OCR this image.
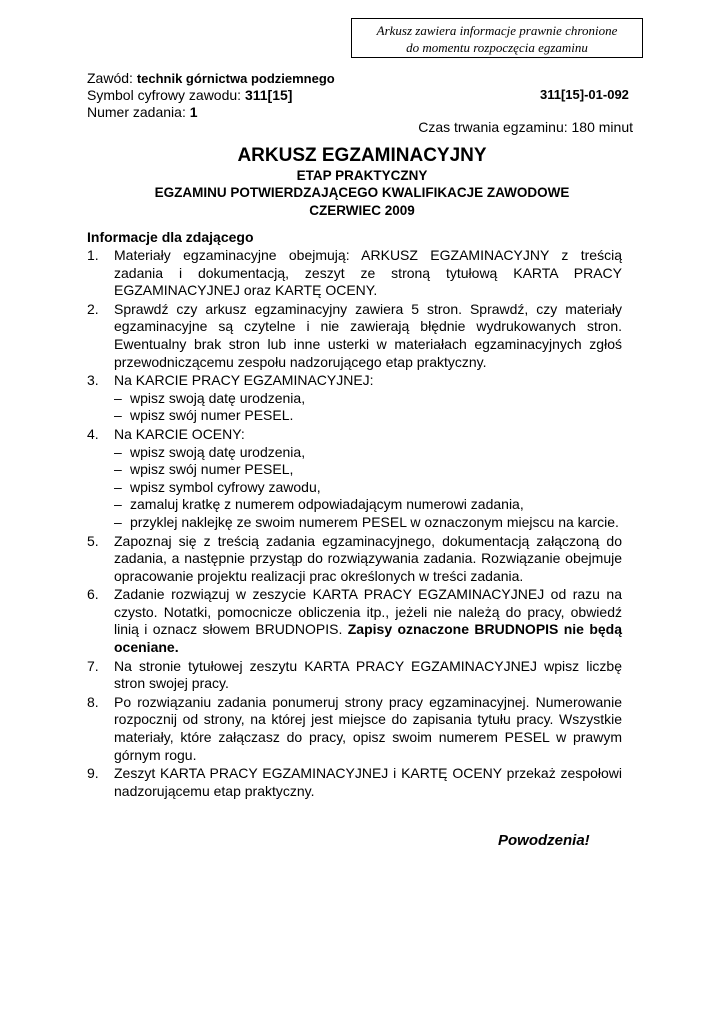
Arkusz zawiera informacje prawnie chronione
do momentu rozpoczęcia egzaminu
Zawód: technik górnictwa podziemnego
Symbol cyfrowy zawodu: 311[15]
Numer zadania: 1
311[15]-01-092
Czas trwania egzaminu: 180 minut
ARKUSZ EGZAMINACYJNY
ETAP PRAKTYCZNY
EGZAMINU POTWIERDZAJĄCEGO KWALIFIKACJE ZAWODOWE
CZERWIEC 2009
Informacje dla zdającego
1.	Materiały egzaminacyjne obejmują: ARKUSZ EGZAMINACYJNY z treścią zadania i dokumentacją, zeszyt ze stroną tytułową KARTA PRACY EGZAMINACYJNEJ oraz KARTĘ OCENY.
2.	Sprawdź czy arkusz egzaminacyjny zawiera 5 stron. Sprawdź, czy materiały egzaminacyjne są czytelne i nie zawierają błędnie wydrukowanych stron. Ewentualny brak stron lub inne usterki w materiałach egzaminacyjnych zgłoś przewodniczącemu zespołu nadzorującego etap praktyczny.
3.	Na KARCIE PRACY EGZAMINACYJNEJ:
– wpisz swoją datę urodzenia,
– wpisz swój numer PESEL.
4.	Na KARCIE OCENY:
– wpisz swoją datę urodzenia,
– wpisz swój numer PESEL,
– wpisz symbol cyfrowy zawodu,
– zamaluj kratkę z numerem odpowiadającym numerowi zadania,
– przyklej naklejkę ze swoim numerem PESEL w oznaczonym miejscu na karcie.
5.	Zapoznaj się z treścią zadania egzaminacyjnego, dokumentacją załączoną do zadania, a następnie przystąp do rozwiązywania zadania. Rozwiązanie obejmuje opracowanie projektu realizacji prac określonych w treści zadania.
6.	Zadanie rozwiązuj w zeszycie KARTA PRACY EGZAMINACYJNEJ od razu na czysto. Notatki, pomocnicze obliczenia itp., jeżeli nie należą do pracy, obwiedź linią i oznacz słowem BRUDNOPIS. Zapisy oznaczone BRUDNOPIS nie będą oceniane.
7.	Na stronie tytułowej zeszytu KARTA PRACY EGZAMINACYJNEJ wpisz liczbę stron swojej pracy.
8.	Po rozwiązaniu zadania ponumeruj strony pracy egzaminacyjnej. Numerowanie rozpocznij od strony, na której jest miejsce do zapisania tytułu pracy. Wszystkie materiały, które załączasz do pracy, opisz swoim numerem PESEL w prawym górnym rogu.
9.	Zeszyt KARTA PRACY EGZAMINACYJNEJ i KARTĘ OCENY przekaż zespołowi nadzorującemu etap praktyczny.
Powodzenia!
